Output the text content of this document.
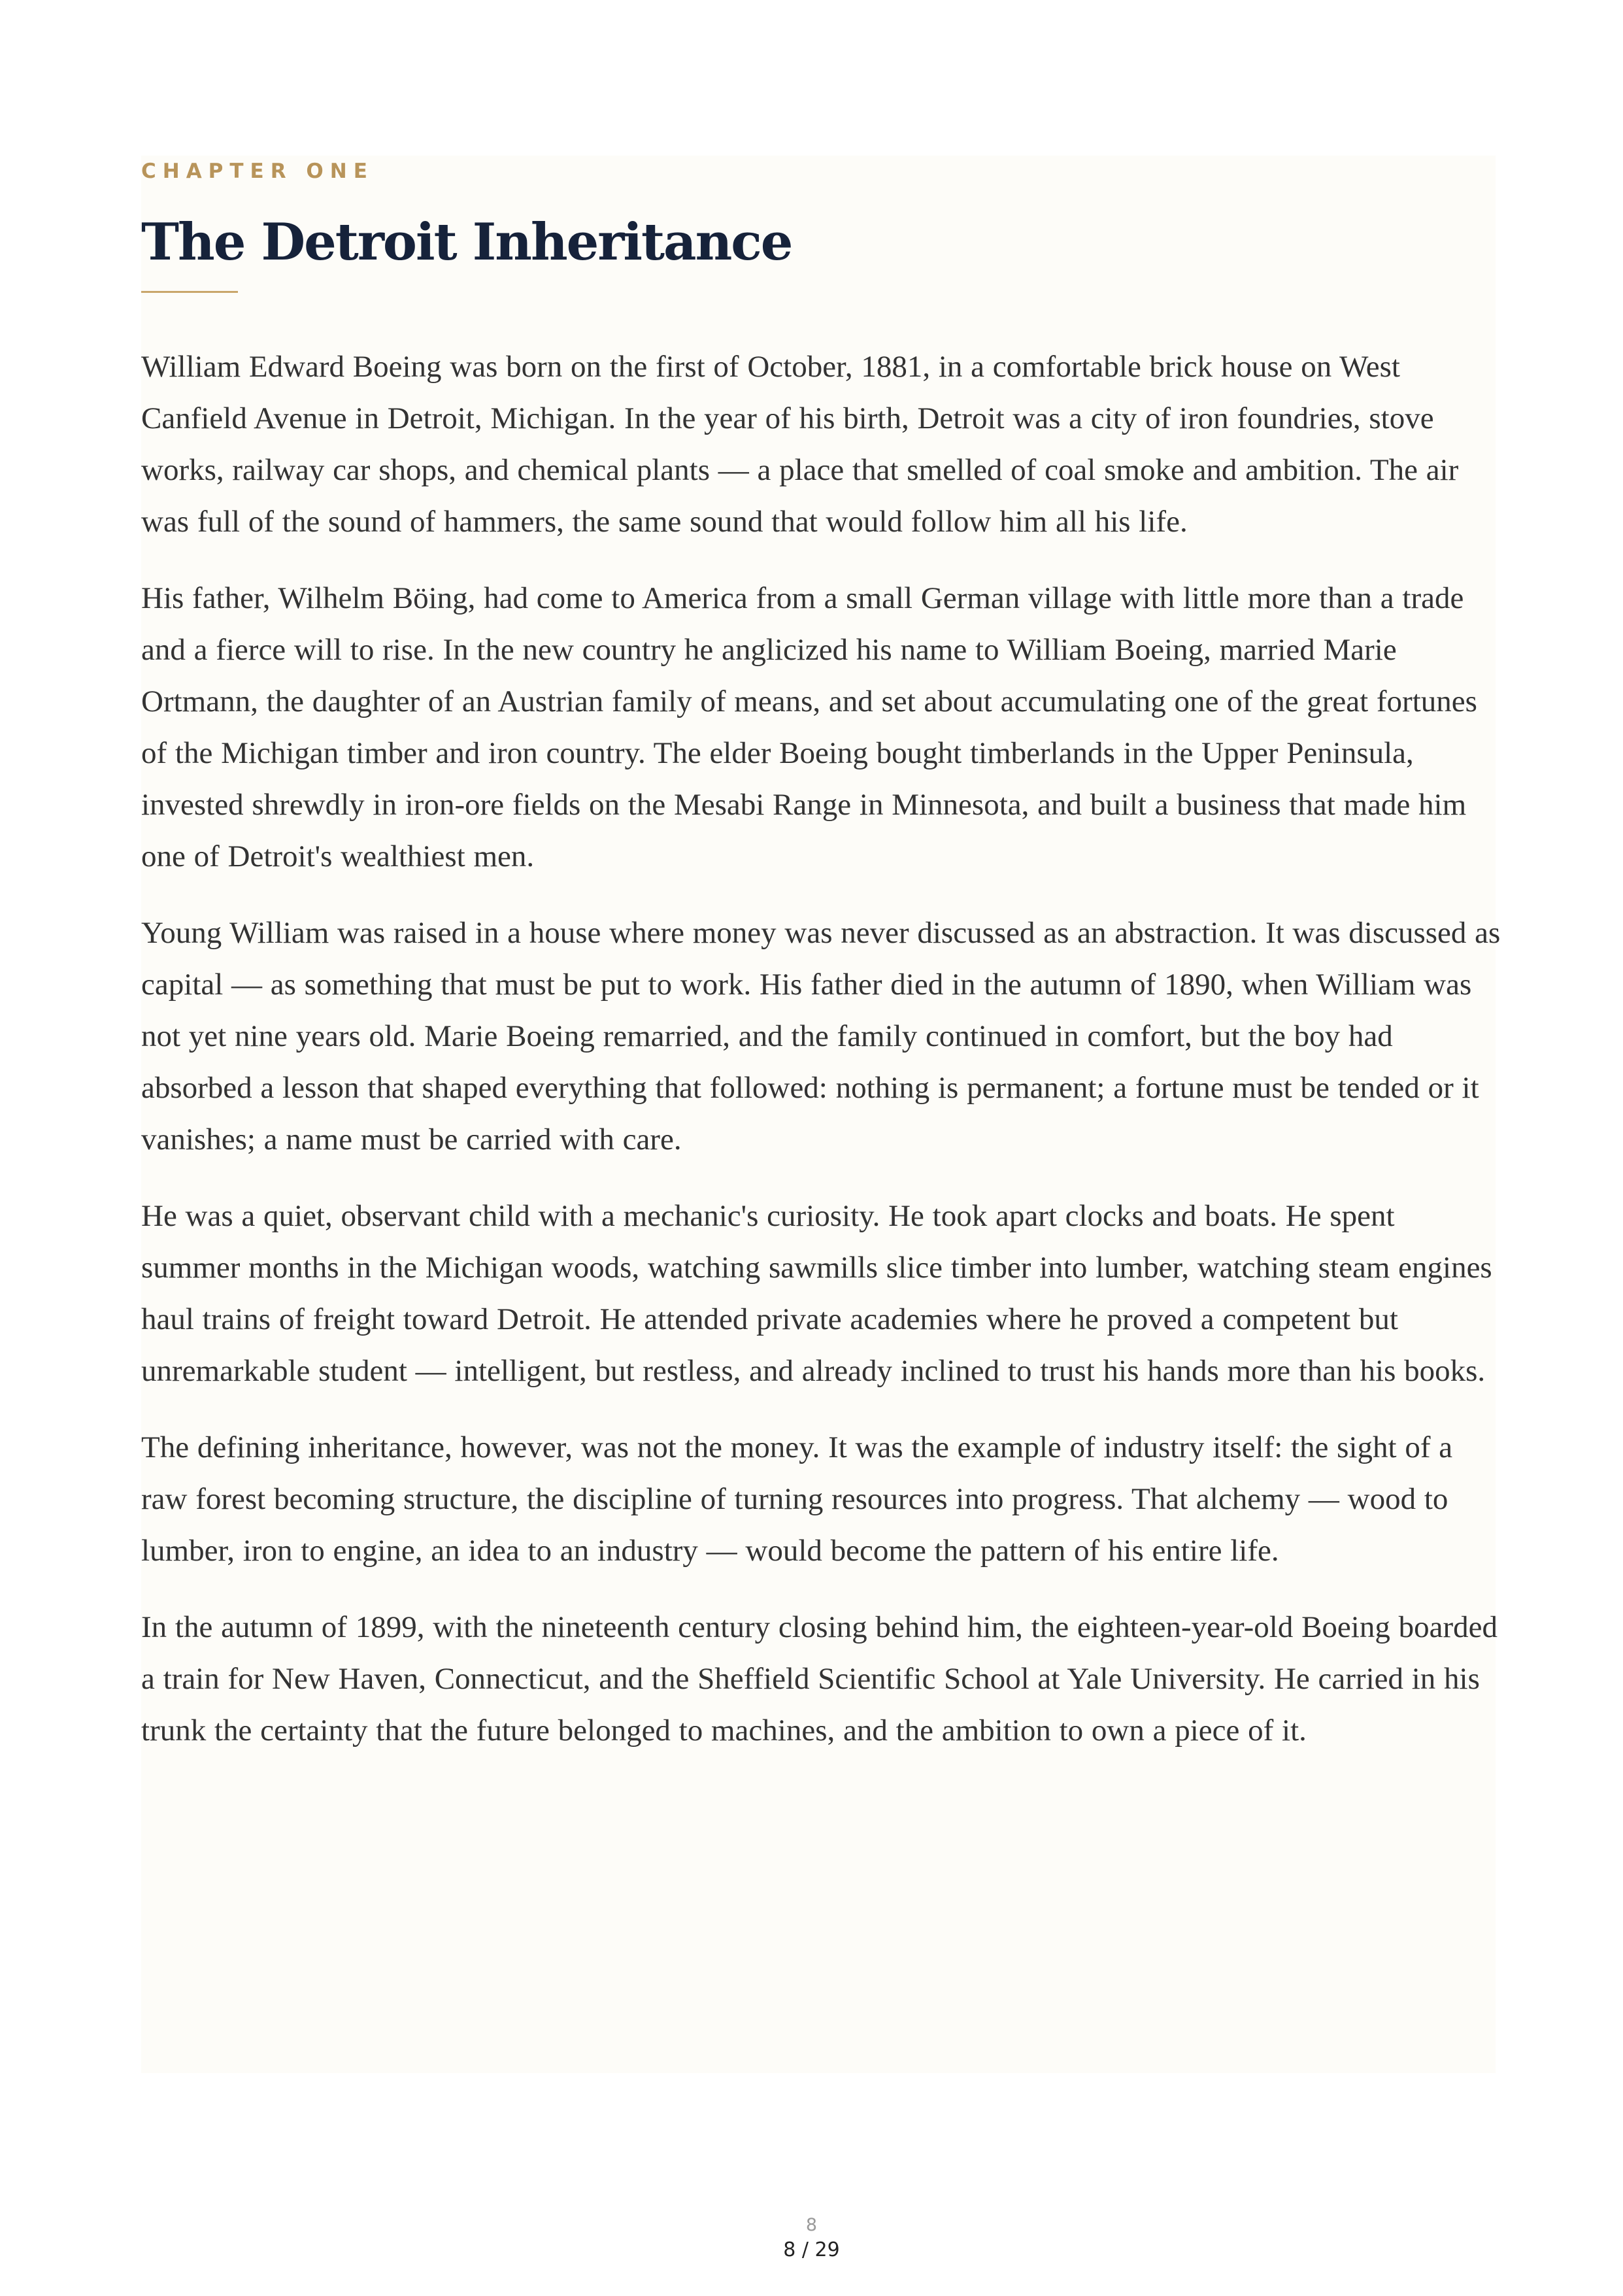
CHAPTER ONE
The Detroit Inheritance

William Edward Boeing was born on the first of October, 1881, in a comfortable brick house on West Canfield Avenue in Detroit, Michigan. In the year of his birth, Detroit was a city of iron foundries, stove works, railway car shops, and chemical plants — a place that smelled of coal smoke and ambition. The air was full of the sound of hammers, the same sound that would follow him all his life.

His father, Wilhelm Böing, had come to America from a small German village with little more than a trade and a fierce will to rise. In the new country he anglicized his name to William Boeing, married Marie Ortmann, the daughter of an Austrian family of means, and set about accumulating one of the great fortunes of the Michigan timber and iron country. The elder Boeing bought timberlands in the Upper Peninsula, invested shrewdly in iron-ore fields on the Mesabi Range in Minnesota, and built a business that made him one of Detroit's wealthiest men.

Young William was raised in a house where money was never discussed as an abstraction. It was discussed as capital — as something that must be put to work. His father died in the autumn of 1890, when William was not yet nine years old. Marie Boeing remarried, and the family continued in comfort, but the boy had absorbed a lesson that shaped everything that followed: nothing is permanent; a fortune must be tended or it vanishes; a name must be carried with care.

He was a quiet, observant child with a mechanic's curiosity. He took apart clocks and boats. He spent summer months in the Michigan woods, watching sawmills slice timber into lumber, watching steam engines haul trains of freight toward Detroit. He attended private academies where he proved a competent but unremarkable student — intelligent, but restless, and already inclined to trust his hands more than his books.

The defining inheritance, however, was not the money. It was the example of industry itself: the sight of a raw forest becoming structure, the discipline of turning resources into progress. That alchemy — wood to lumber, iron to engine, an idea to an industry — would become the pattern of his entire life.

In the autumn of 1899, with the nineteenth century closing behind him, the eighteen-year-old Boeing boarded a train for New Haven, Connecticut, and the Sheffield Scientific School at Yale University. He carried in his trunk the certainty that the future belonged to machines, and the ambition to own a piece of it.

8
8 / 29
